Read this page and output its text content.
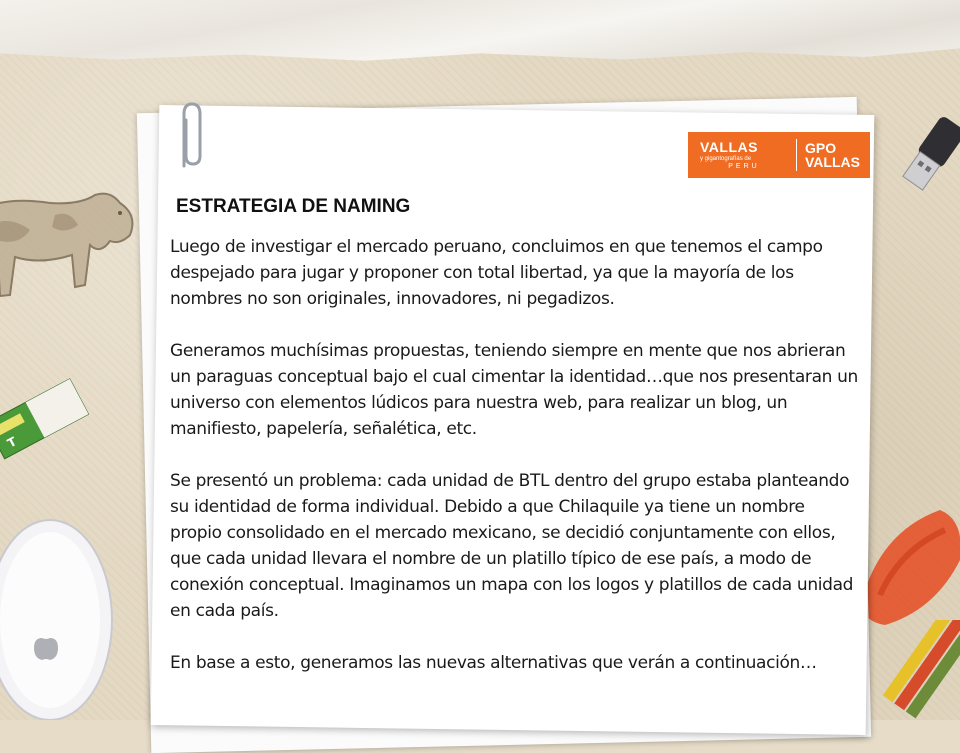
T
VALLAS
y gigantografías de
PERU
GPO
VALLAS
ESTRATEGIA DE NAMING

Luego de investigar el mercado peruano, concluimos en que tenemos el campo despejado para jugar y proponer con total libertad, ya que la mayoría de los nombres no son originales, innovadores, ni pegadizos.

Generamos muchísimas propuestas, teniendo siempre en mente que nos abrieran un paraguas conceptual bajo el cual cimentar la identidad…que nos presentaran un universo con elementos lúdicos para nuestra web, para realizar un blog, un manifiesto, papelería, señalética, etc.

Se presentó un problema: cada unidad de BTL dentro del grupo estaba planteando su identidad de forma individual. Debido a que Chilaquile ya tiene un nombre propio consolidado en el mercado mexicano, se decidió conjuntamente con ellos, que cada unidad llevara el nombre de un platillo típico de ese país, a modo de conexión conceptual. Imaginamos un mapa con los logos y platillos de cada unidad en cada país.

En base a esto, generamos las nuevas alternativas que verán a continuación…
